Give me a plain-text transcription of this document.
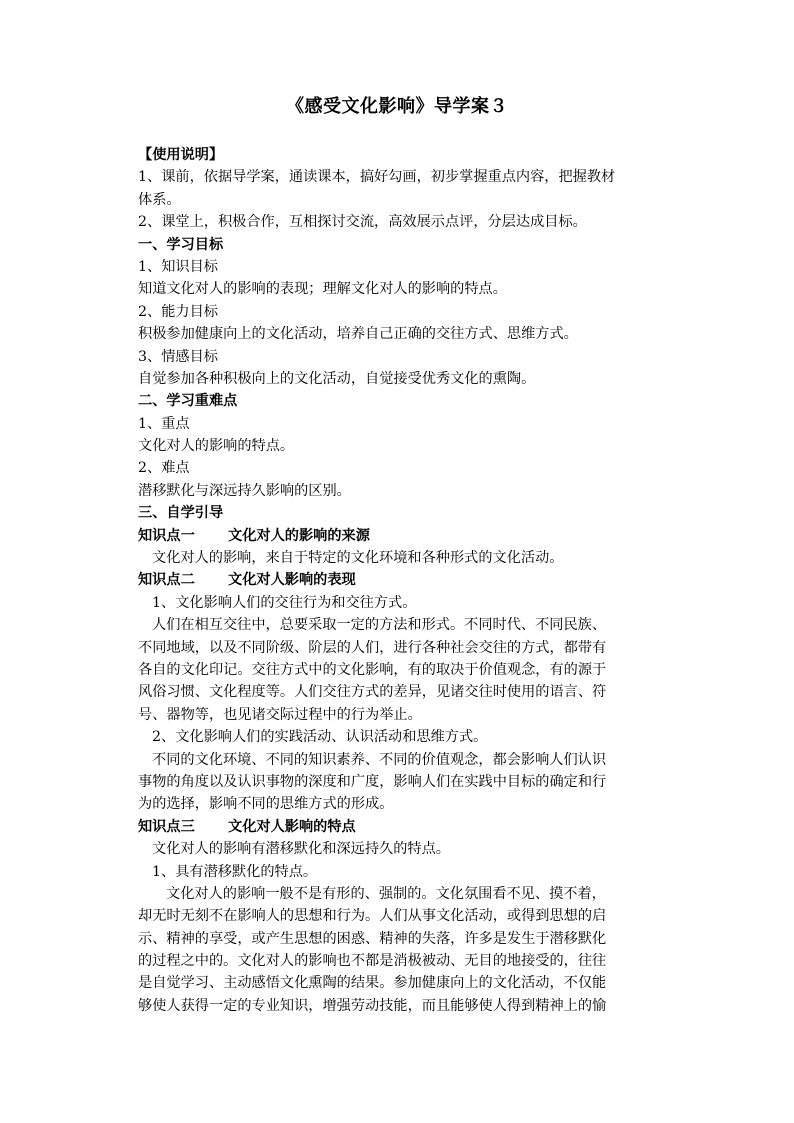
《感受文化影响》导学案３
【使用说明】
1、课前，依据导学案，通读课本，搞好勾画，初步掌握重点内容，把握教材
体系。
2、课堂上，积极合作，互相探讨交流，高效展示点评，分层达成目标。
一、学习目标
1、知识目标
知道文化对人的影响的表现；理解文化对人的影响的特点。
2、能力目标
积极参加健康向上的文化活动，培养自己正确的交往方式、思维方式。
3、情感目标
自觉参加各种积极向上的文化活动，自觉接受优秀文化的熏陶。
二、学习重难点
1、重点
文化对人的影响的特点。
2、难点
潜移默化与深远持久影响的区别。
三、自学引导
知识点一 文化对人的影响的来源
文化对人的影响，来自于特定的文化环境和各种形式的文化活动。
知识点二 文化对人影响的表现
1、文化影响人们的交往行为和交往方式。
人们在相互交往中，总要采取一定的方法和形式。不同时代、不同民族、
不同地域，以及不同阶级、阶层的人们，进行各种社会交往的方式，都带有
各自的文化印记。交往方式中的文化影响，有的取决于价值观念，有的源于
风俗习惯、文化程度等。人们交往方式的差异，见诸交往时使用的语言、符
号、器物等，也见诸交际过程中的行为举止。
2、文化影响人们的实践活动、认识活动和思维方式。
不同的文化环境、不同的知识素养、不同的价值观念，都会影响人们认识
事物的角度以及认识事物的深度和广度，影响人们在实践中目标的确定和行
为的选择，影响不同的思维方式的形成。
知识点三 文化对人影响的特点
文化对人的影响有潜移默化和深远持久的特点。
1、具有潜移默化的特点。
文化对人的影响一般不是有形的、强制的。文化氛围看不见、摸不着，
却无时无刻不在影响人的思想和行为。人们从事文化活动，或得到思想的启
示、精神的享受，或产生思想的困惑、精神的失落，许多是发生于潜移默化
的过程之中的。文化对人的影响也不都是消极被动、无目的地接受的，往往
是自觉学习、主动感悟文化熏陶的结果。参加健康向上的文化活动，不仅能
够使人获得一定的专业知识，增强劳动技能，而且能够使人得到精神上的愉
